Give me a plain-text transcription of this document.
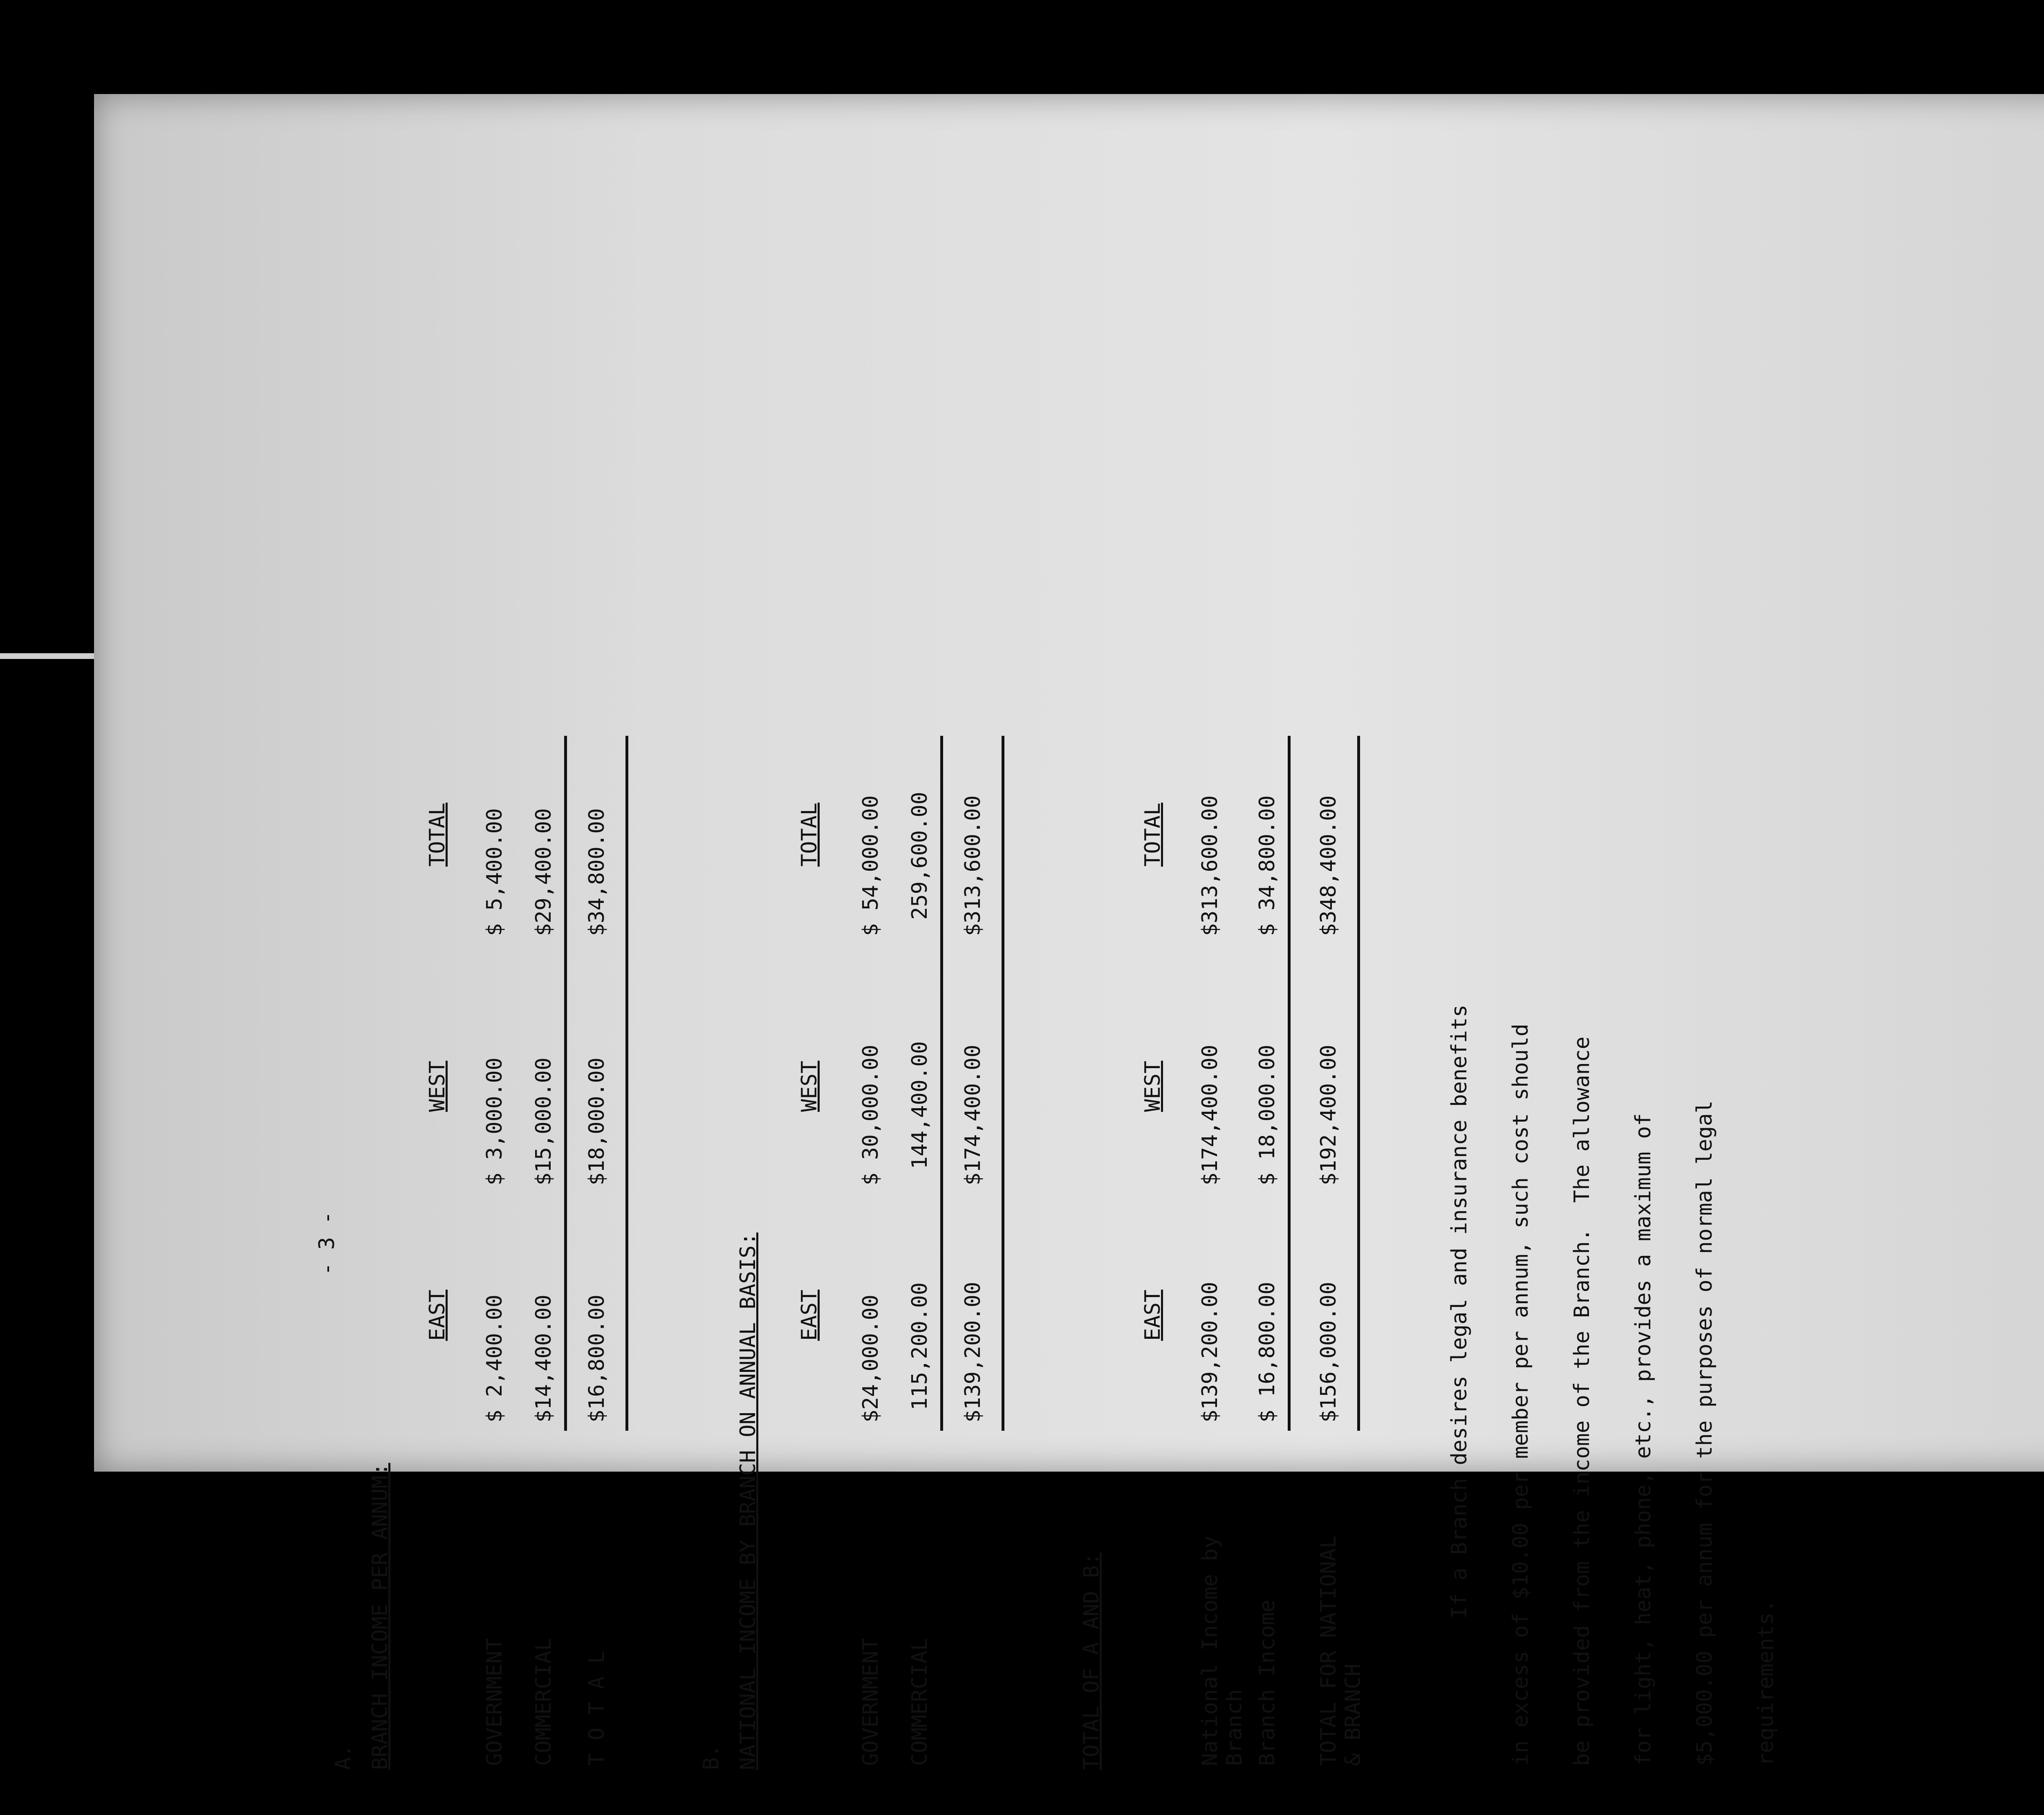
- 3 -
A. BRANCH INCOME PER ANNUM:
EAST
WEST
TOTAL
GOVERNMENT
$ 2,400.00
$ 3,000.00
$ 5,400.00
COMMERCIAL
$14,400.00
$15,000.00
$29,400.00
T O T A L
$16,800.00
$18,000.00
$34,800.00
B. NATIONAL INCOME BY BRANCH ON ANNUAL BASIS: EAST
WEST
TOTAL
GOVERNMENT
$24,000.00
$ 30,000.00
$ 54,000.00
COMMERCIAL
115,200.00
144,400.00
259,600.00
$139,200.00
$174,400.00
$313,600.00
TOTAL OF A AND B:
EAST
WEST
TOTAL
National Income by
Branch
$139,200.00
$174,400.00
$313,600.00
Branch Income
$ 16,800.00
$ 18,000.00
$ 34,800.00
TOTAL FOR NATIONAL
& BRANCH
$156,000.00
$192,400.00
$348,400.00
If a Branch desires legal and insurance benefits in excess of $10.00 per member per annum, such cost should be provided from the income of the Branch.  The allowance for light, heat, phone, etc., provides a maximum of $5,000.00 per annum for the purposes of normal legal requirements.
